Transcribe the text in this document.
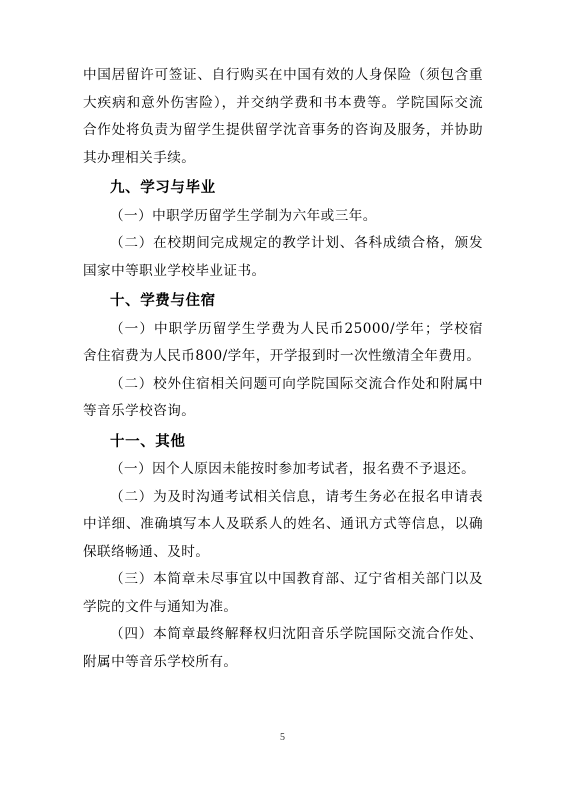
中国居留许可签证、自行购买在中国有效的人身保险（须包含重大疾病和意外伤害险），并交纳学费和书本费等。学院国际交流合作处将负责为留学生提供留学沈音事务的咨询及服务，并协助其办理相关手续。

九、学习与毕业

（一）中职学历留学生学制为六年或三年。

（二）在校期间完成规定的教学计划、各科成绩合格，颁发国家中等职业学校毕业证书。

十、学费与住宿

（一）中职学历留学生学费为人民币25000/学年；学校宿舍住宿费为人民币800/学年，开学报到时一次性缴清全年费用。

（二）校外住宿相关问题可向学院国际交流合作处和附属中等音乐学校咨询。

十一、其他

（一）因个人原因未能按时参加考试者，报名费不予退还。

（二）为及时沟通考试相关信息，请考生务必在报名申请表中详细、准确填写本人及联系人的姓名、通讯方式等信息，以确保联络畅通、及时。

（三）本简章未尽事宜以中国教育部、辽宁省相关部门以及学院的文件与通知为准。

（四）本简章最终解释权归沈阳音乐学院国际交流合作处、附属中等音乐学校所有。

5
